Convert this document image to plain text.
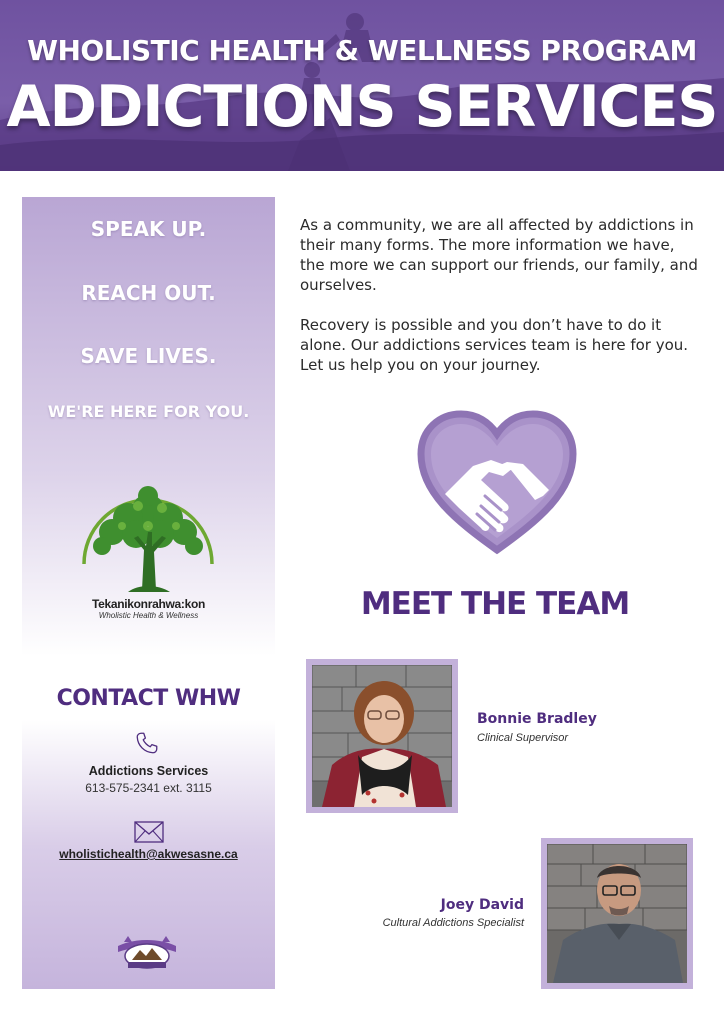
WHOLISTIC HEALTH & WELLNESS PROGRAM
ADDICTIONS SERVICES
SPEAK UP.
REACH OUT.
SAVE LIVES.
WE'RE HERE FOR YOU.
Tekanikonrahwa:kon
Wholistic Health & Wellness
CONTACT WHW
Addictions Services
613-575-2341 ext. 3115
wholistichealth@akwesasne.ca

As a community, we are all affected by addictions in their many forms. The more information we have, the more we can support our friends, our family, and ourselves.

Recovery is possible and you don’t have to do it alone. Our addictions services team is here for you. Let us help you on your journey.

MEET THE TEAM
Bonnie Bradley
Clinical Supervisor
Joey David
Cultural Addictions Specialist
